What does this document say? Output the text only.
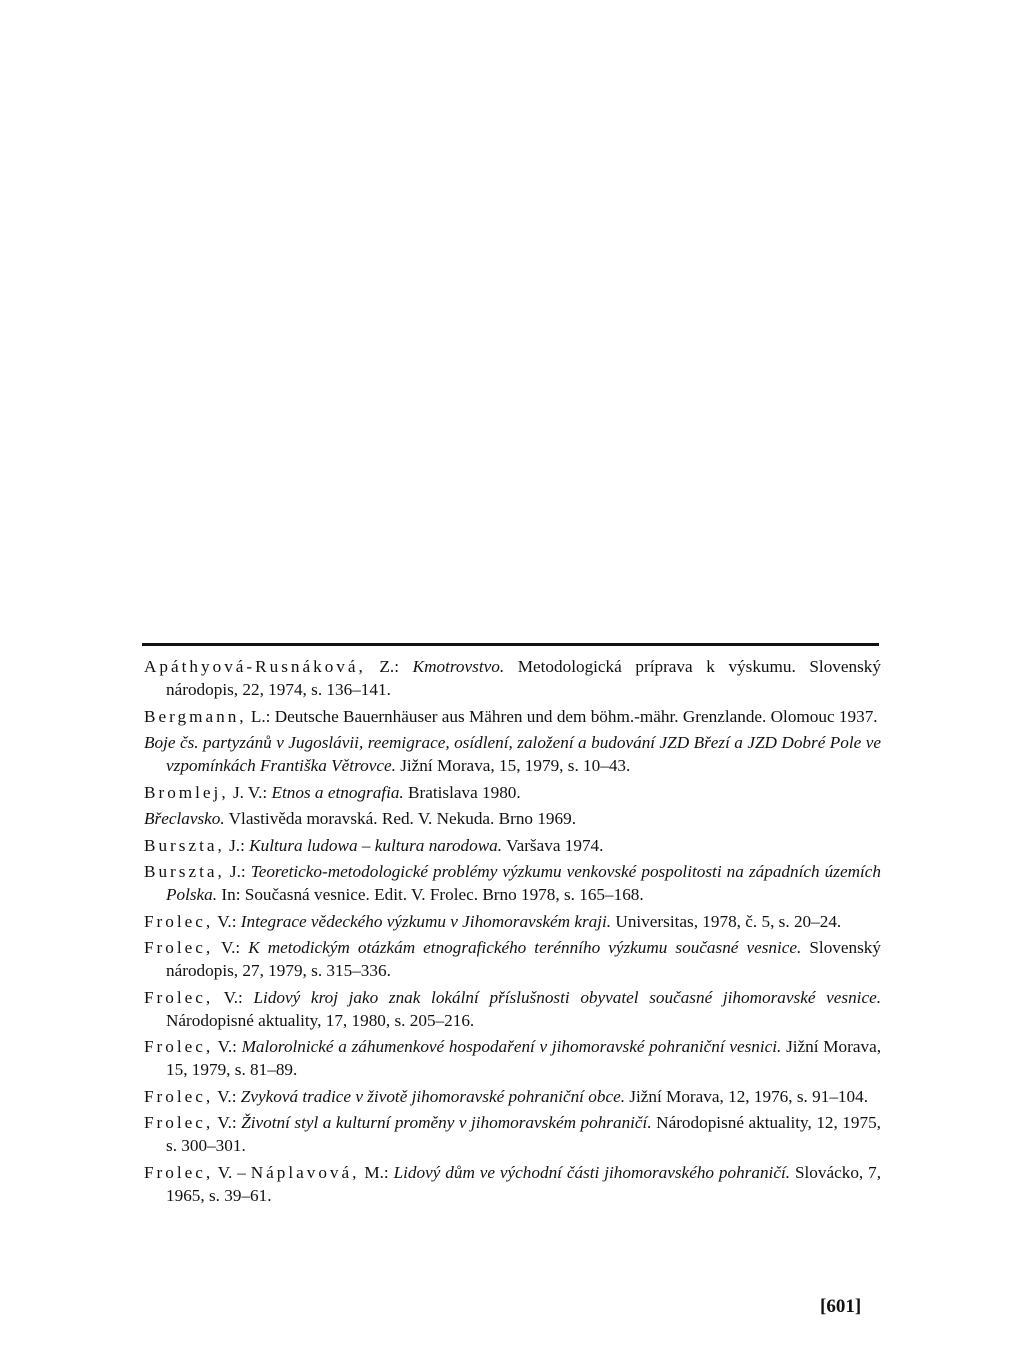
Apáthyová-Rusnáková, Z.: Kmotrovstvo. Metodologická príprava k výskumu. Slovenský národopis, 22, 1974, s. 136–141.

Bergmann, L.: Deutsche Bauernhäuser aus Mähren und dem böhm.-mähr. Grenzlande. Olomouc 1937.

Boje čs. partyzánů v Jugoslávii, reemigrace, osídlení, založení a budování JZD Březí a JZD Dobré Pole ve vzpomínkách Františka Větrovce. Jižní Morava, 15, 1979, s. 10–43.

Bromlej, J. V.: Etnos a etnografia. Bratislava 1980.

Břeclavsko. Vlastivěda moravská. Red. V. Nekuda. Brno 1969.

Burszta, J.: Kultura ludowa – kultura narodowa. Varšava 1974.

Burszta, J.: Teoreticko-metodologické problémy výzkumu venkovské pospolitosti na západních územích Polska. In: Současná vesnice. Edit. V. Frolec. Brno 1978, s. 165–168.

Frolec, V.: Integrace vědeckého výzkumu v Jihomoravském kraji. Universitas, 1978, č. 5, s. 20–24.

Frolec, V.: K metodickým otázkám etnografického terénního výzkumu současné vesnice. Slovenský národopis, 27, 1979, s. 315–336.

Frolec, V.: Lidový kroj jako znak lokální příslušnosti obyvatel současné jihomoravské vesnice. Národopisné aktuality, 17, 1980, s. 205–216.

Frolec, V.: Malorolnické a záhumenkové hospodaření v jihomoravské pohraniční vesnici. Jižní Morava, 15, 1979, s. 81–89.

Frolec, V.: Zvyková tradice v životě jihomoravské pohraniční obce. Jižní Morava, 12, 1976, s. 91–104.

Frolec, V.: Životní styl a kulturní proměny v jihomoravském pohraničí. Národopisné aktuality, 12, 1975, s. 300–301.

Frolec, V. – Náplavová, M.: Lidový dům ve východní části jihomoravského pohraničí. Slovácko, 7, 1965, s. 39–61.

[601]
